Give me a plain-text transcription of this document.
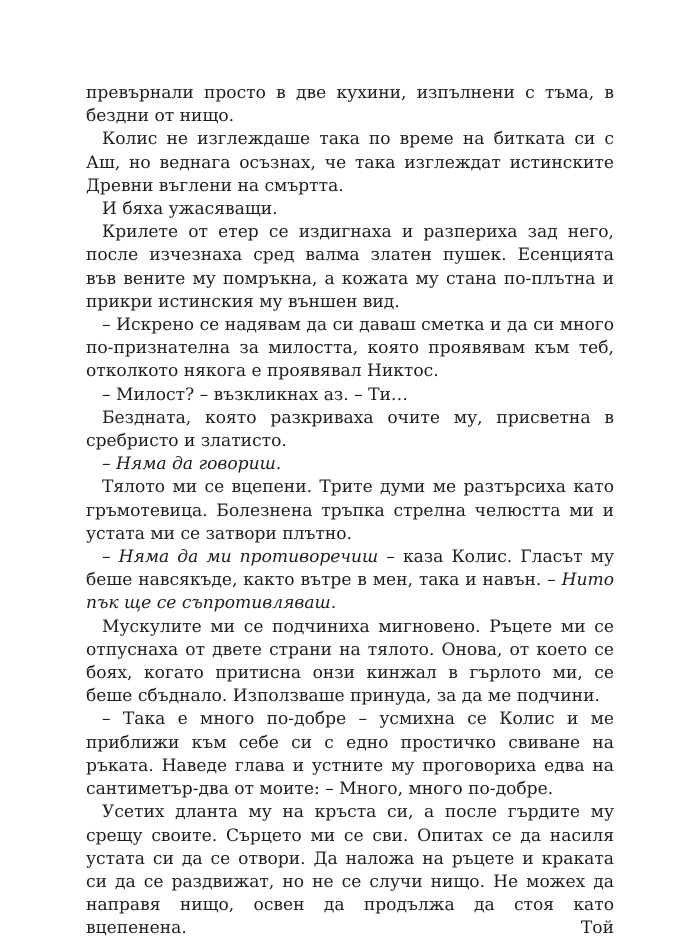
превърнали просто в две кухини, изпълнени с тъма, в бездни от нищо.

Колис не изглеждаше така по време на битката си с Аш, но веднага осъзнах, че така изглеждат истинските Древни въглени на смъртта.

И бяха ужасяващи.

Крилете от етер се издигнаха и разпериха зад него, после изчезнаха сред валма златен пушек. Есенцията във вените му помръкна, а кожата му стана по-плътна и прикри истинския му външен вид.

– Искрено се надявам да си даваш сметка и да си много по-признателна за милостта, която проявявам към теб, отколкото някога е проявявал Никтос.

– Милост? – възкликнах аз. – Ти…

Бездната, която разкриваха очите му, присветна в сребристо и златисто.

– Няма да говориш.

Тялото ми се вцепени. Трите думи ме разтърсиха като гръмотевица. Болезнена тръпка стрелна челюстта ми и устата ми се затвори плътно.

– Няма да ми противоречиш – каза Колис. Гласът му беше навсякъде, както вътре в мен, така и навън. – Нито пък ще се съпротивляваш.

Мускулите ми се подчиниха мигновено. Ръцете ми се отпуснаха от двете страни на тялото. Онова, от което се боях, когато притисна онзи кинжал в гърлото ми, се беше сбъднало. Използваше принуда, за да ме подчини.

– Така е много по-добре – усмихна се Колис и ме приближи към себе си с едно простичко свиване на ръката. Наведе глава и устните му проговориха едва на сантиметър-два от моите: – Много, много по-добре.

Усетих дланта му на кръста си, а после гърдите му срещу своите. Сърцето ми се сви. Опитах се да насиля устата си да се отвори. Да наложа на ръцете и краката си да се раздвижат, но не се случи нищо. Не можех да направя нищо, освен да продължа да стоя като вцепенена. Той
